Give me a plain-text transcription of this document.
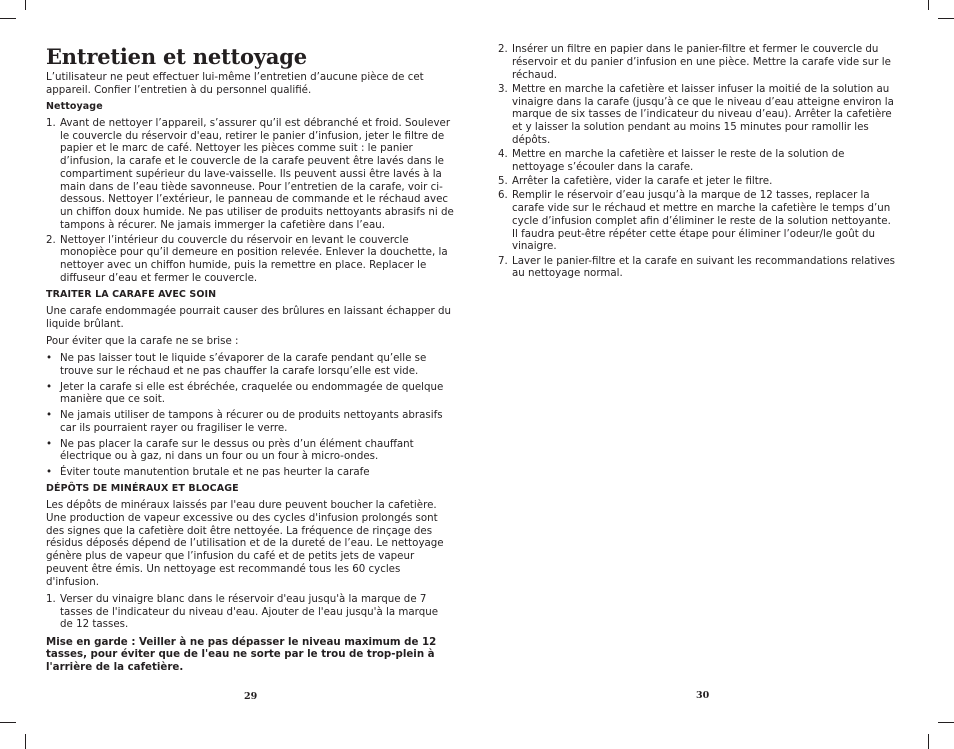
Entretien et nettoyage

L’utilisateur ne peut effectuer lui-même l’entretien d’aucune pièce de cet appareil. Confier l’entretien à du personnel qualifié.

Nettoyage

1. Avant de nettoyer l’appareil, s’assurer qu’il est débranché et froid. Soulever le couvercle du réservoir d'eau, retirer le panier d’infusion, jeter le filtre de papier et le marc de café. Nettoyer les pièces comme suit : le panier d’infusion, la carafe et le couvercle de la carafe peuvent être lavés dans le compartiment supérieur du lave-vaisselle. Ils peuvent aussi être lavés à la main dans de l’eau tiède savonneuse. Pour l’entretien de la carafe, voir ci-dessous. Nettoyer l’extérieur, le panneau de commande et le réchaud avec un chiffon doux humide. Ne pas utiliser de produits nettoyants abrasifs ni de tampons à récurer. Ne jamais immerger la cafetière dans l’eau.
2. Nettoyer l’intérieur du couvercle du réservoir en levant le couvercle monopièce pour qu’il demeure en position relevée. Enlever la douchette, la nettoyer avec un chiffon humide, puis la remettre en place. Replacer le diffuseur d’eau et fermer le couvercle.

TRAITER LA CARAFE AVEC SOIN

Une carafe endommagée pourrait causer des brûlures en laissant échapper du liquide brûlant.

Pour éviter que la carafe ne se brise :

• Ne pas laisser tout le liquide s’évaporer de la carafe pendant qu’elle se trouve sur le réchaud et ne pas chauffer la carafe lorsqu’elle est vide.
• Jeter la carafe si elle est ébréchée, craquelée ou endommagée de quelque manière que ce soit.
• Ne jamais utiliser de tampons à récurer ou de produits nettoyants abrasifs car ils pourraient rayer ou fragiliser le verre.
• Ne pas placer la carafe sur le dessus ou près d’un élément chauffant électrique ou à gaz, ni dans un four ou un four à micro-ondes.
• Éviter toute manutention brutale et ne pas heurter la carafe

DÉPÔTS DE MINÉRAUX ET BLOCAGE

Les dépôts de minéraux laissés par l'eau dure peuvent boucher la cafetière. Une production de vapeur excessive ou des cycles d'infusion prolongés sont des signes que la cafetière doit être nettoyée. La fréquence de rinçage des résidus déposés dépend de l’utilisation et de la dureté de l’eau. Le nettoyage génère plus de vapeur que l’infusion du café et de petits jets de vapeur peuvent être émis. Un nettoyage est recommandé tous les 60 cycles d'infusion.

1. Verser du vinaigre blanc dans le réservoir d'eau jusqu'à la marque de 7 tasses de l'indicateur du niveau d'eau. Ajouter de l'eau jusqu'à la marque de 12 tasses.

Mise en garde : Veiller à ne pas dépasser le niveau maximum de 12 tasses, pour éviter que de l'eau ne sorte par le trou de trop-plein à l'arrière de la cafetière.

29
2. Insérer un filtre en papier dans le panier-filtre et fermer le couvercle du réservoir et du panier d’infusion en une pièce. Mettre la carafe vide sur le réchaud.
3. Mettre en marche la cafetière et laisser infuser la moitié de la solution au vinaigre dans la carafe (jusqu’à ce que le niveau d’eau atteigne environ la marque de six tasses de l’indicateur du niveau d’eau). Arrêter la cafetière et y laisser la solution pendant au moins 15 minutes pour ramollir les dépôts.
4. Mettre en marche la cafetière et laisser le reste de la solution de nettoyage s’écouler dans la carafe.
5. Arrêter la cafetière, vider la carafe et jeter le filtre.
6. Remplir le réservoir d’eau jusqu’à la marque de 12 tasses, replacer la carafe vide sur le réchaud et mettre en marche la cafetière le temps d’un cycle d’infusion complet afin d’éliminer le reste de la solution nettoyante. Il faudra peut-être répéter cette étape pour éliminer l’odeur/le goût du vinaigre.
7. Laver le panier-filtre et la carafe en suivant les recommandations relatives au nettoyage normal.
30
